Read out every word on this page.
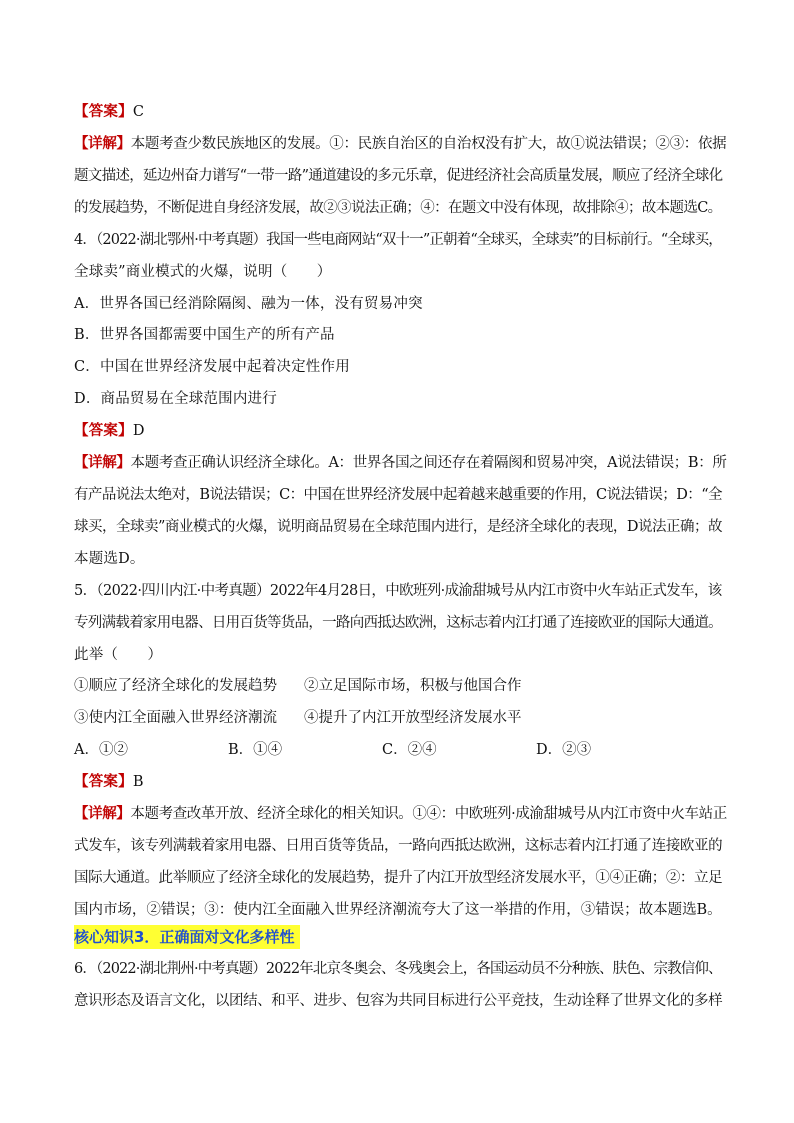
【答案】C
【详解】本题考查少数民族地区的发展。①：民族自治区的自治权没有扩大，故①说法错误；②③：依据
题文描述，延边州奋力谱写“一带一路”通道建设的多元乐章，促进经济社会高质量发展，顺应了经济全球化
的发展趋势，不断促进自身经济发展，故②③说法正确；④：在题文中没有体现，故排除④；故本题选C。
4．（2022·湖北鄂州·中考真题）我国一些电商网站“双十一”正朝着“全球买，全球卖”的目标前行。“全球买，
全球卖”商业模式的火爆，说明（　　）
A．世界各国已经消除隔阂、融为一体，没有贸易冲突
B．世界各国都需要中国生产的所有产品
C．中国在世界经济发展中起着决定性作用
D．商品贸易在全球范围内进行
【答案】D
【详解】本题考查正确认识经济全球化。A：世界各国之间还存在着隔阂和贸易冲突，A说法错误；B：所
有产品说法太绝对，B说法错误；C：中国在世界经济发展中起着越来越重要的作用，C说法错误；D：“全
球买，全球卖”商业模式的火爆，说明商品贸易在全球范围内进行，是经济全球化的表现，D说法正确；故
本题选D。
5．（2022·四川内江·中考真题）2022年4月28日，中欧班列·成渝甜城号从内江市资中火车站正式发车，该
专列满载着家用电器、日用百货等货品，一路向西抵达欧洲，这标志着内江打通了连接欧亚的国际大通道。
此举（　　）
①顺应了经济全球化的发展趋势 ②立足国际市场，积极与他国合作
③使内江全面融入世界经济潮流 ④提升了内江开放型经济发展水平
A．①②	B．①④	C．②④	D．②③
【答案】B
【详解】本题考查改革开放、经济全球化的相关知识。①④：中欧班列·成渝甜城号从内江市资中火车站正
式发车，该专列满载着家用电器、日用百货等货品，一路向西抵达欧洲，这标志着内江打通了连接欧亚的
国际大通道。此举顺应了经济全球化的发展趋势，提升了内江开放型经济发展水平，①④正确；②：立足
国内市场，②错误；③：使内江全面融入世界经济潮流夸大了这一举措的作用，③错误；故本题选B。
核心知识3．正确面对文化多样性
6．（2022·湖北荆州·中考真题）2022年北京冬奥会、冬残奥会上，各国运动员不分种族、肤色、宗教信仰、
意识形态及语言文化，以团结、和平、进步、包容为共同目标进行公平竞技，生动诠释了世界文化的多样
